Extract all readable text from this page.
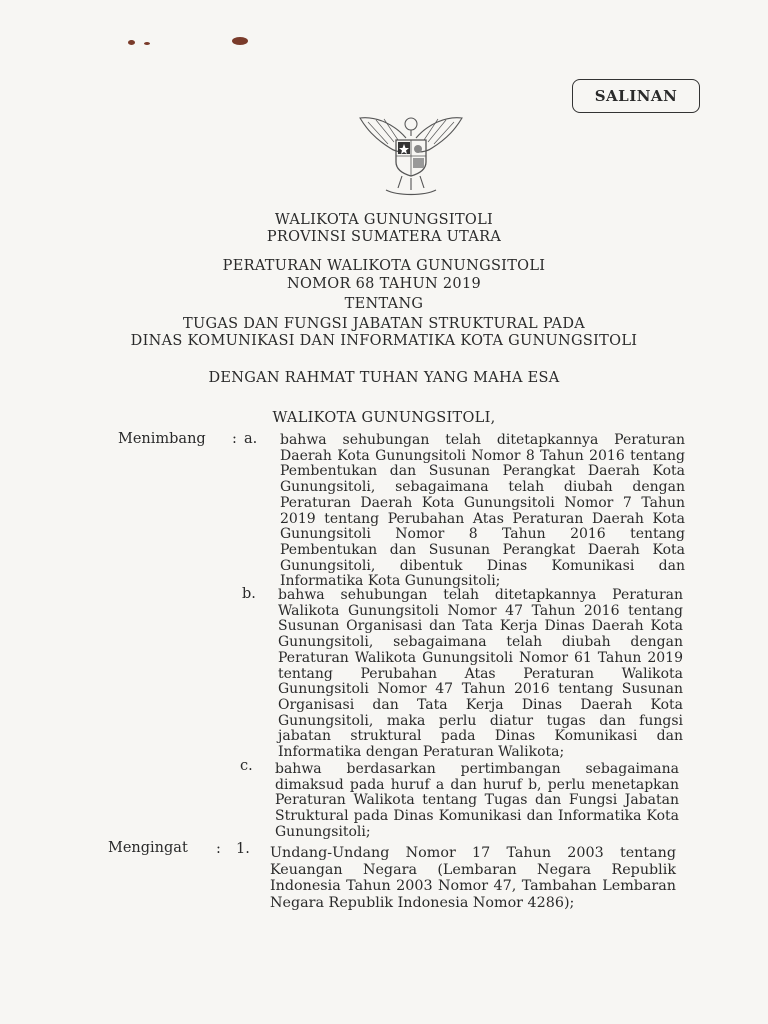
SALINAN
WALIKOTA GUNUNGSITOLI
PROVINSI SUMATERA UTARA
PERATURAN WALIKOTA GUNUNGSITOLI
NOMOR 68 TAHUN 2019
TENTANG
TUGAS DAN FUNGSI JABATAN STRUKTURAL PADA
DINAS KOMUNIKASI DAN INFORMATIKA KOTA GUNUNGSITOLI
DENGAN RAHMAT TUHAN YANG MAHA ESA
WALIKOTA GUNUNGSITOLI,
Menimbang : a. bahwa sehubungan telah ditetapkannya Peraturan Daerah Kota Gunungsitoli Nomor 8 Tahun 2016 tentang Pembentukan dan Susunan Perangkat Daerah Kota Gunungsitoli, sebagaimana telah diubah dengan Peraturan Daerah Kota Gunungsitoli Nomor 7 Tahun 2019 tentang Perubahan Atas Peraturan Daerah Kota Gunungsitoli Nomor 8 Tahun 2016 tentang Pembentukan dan Susunan Perangkat Daerah Kota Gunungsitoli, dibentuk Dinas Komunikasi dan Informatika Kota Gunungsitoli;
b. bahwa sehubungan telah ditetapkannya Peraturan Walikota Gunungsitoli Nomor 47 Tahun 2016 tentang Susunan Organisasi dan Tata Kerja Dinas Daerah Kota Gunungsitoli, sebagaimana telah diubah dengan Peraturan Walikota Gunungsitoli Nomor 61 Tahun 2019 tentang Perubahan Atas Peraturan Walikota Gunungsitoli Nomor 47 Tahun 2016 tentang Susunan Organisasi dan Tata Kerja Dinas Daerah Kota Gunungsitoli, maka perlu diatur tugas dan fungsi jabatan struktural pada Dinas Komunikasi dan Informatika dengan Peraturan Walikota;
c. bahwa berdasarkan pertimbangan sebagaimana dimaksud pada huruf a dan huruf b, perlu menetapkan Peraturan Walikota tentang Tugas dan Fungsi Jabatan Struktural pada Dinas Komunikasi dan Informatika Kota Gunungsitoli;
Mengingat : 1. Undang-Undang Nomor 17 Tahun 2003 tentang Keuangan Negara (Lembaran Negara Republik Indonesia Tahun 2003 Nomor 47, Tambahan Lembaran Negara Republik Indonesia Nomor 4286);
